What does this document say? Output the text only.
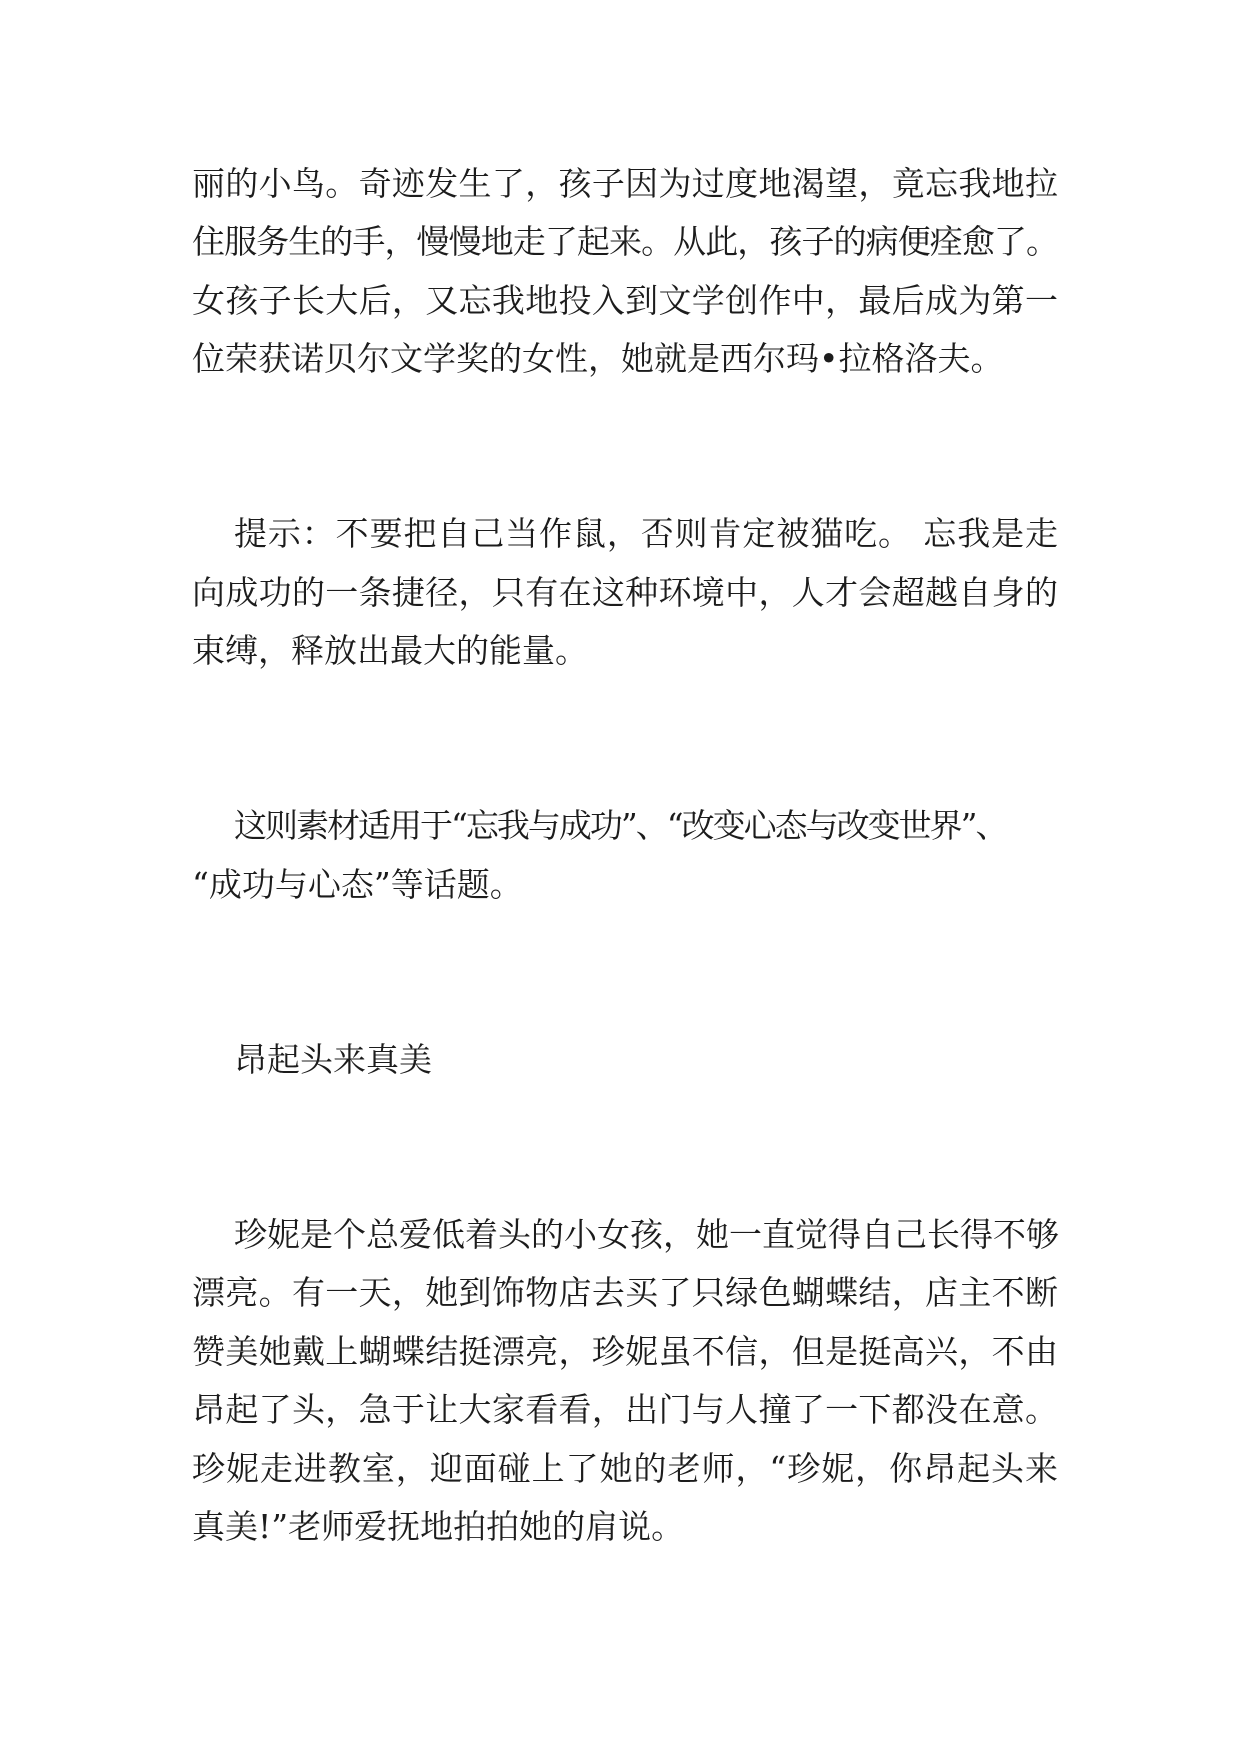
丽的小鸟。奇迹发生了，孩子因为过度地渴望，竟忘我地拉
住服务生的手，慢慢地走了起来。从此，孩子的病便痊愈了。
女孩子长大后，又忘我地投入到文学创作中，最后成为第一
位荣获诺贝尔文学奖的女性，她就是西尔玛•拉格洛夫。
提示：不要把自己当作鼠，否则肯定被猫吃。 忘我是走
向成功的一条捷径，只有在这种环境中，人才会超越自身的
束缚，释放出最大的能量。
这则素材适用于“忘我与成功”、“改变心态与改变世界”、
“成功与心态”等话题。
昂起头来真美
珍妮是个总爱低着头的小女孩，她一直觉得自己长得不够
漂亮。有一天，她到饰物店去买了只绿色蝴蝶结，店主不断
赞美她戴上蝴蝶结挺漂亮，珍妮虽不信，但是挺高兴，不由
昂起了头，急于让大家看看，出门与人撞了一下都没在意。
珍妮走进教室，迎面碰上了她的老师，“珍妮，你昂起头来
真美!”老师爱抚地拍拍她的肩说。
